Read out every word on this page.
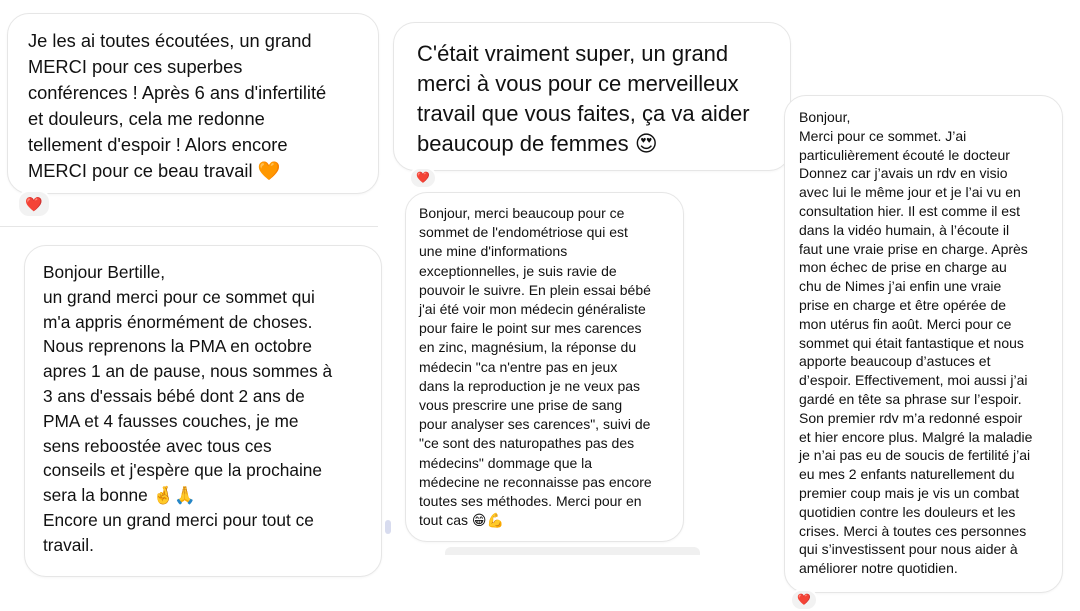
Je les ai toutes écoutées, un grand

MERCI pour ces superbes

conférences ! Après 6 ans d'infertilité

et douleurs, cela me redonne

tellement d'espoir ! Alors encore

MERCI pour ce beau travail 🧡

❤️

C'était vraiment super, un grand

merci à vous pour ce merveilleux

travail que vous faites, ça va aider

beaucoup de femmes 😍

❤️

Bonjour,

Merci pour ce sommet. J’ai

particulièrement écouté le docteur

Donnez car j’avais un rdv en visio

avec lui le même jour et je l’ai vu en

consultation hier. Il est comme il est

dans la vidéo humain, à l’écoute il

faut une vraie prise en charge. Après

mon échec de prise en charge au

chu de Nimes j’ai enfin une vraie

prise en charge et être opérée de

mon utérus fin août. Merci pour ce

sommet qui était fantastique et nous

apporte beaucoup d’astuces et

d’espoir. Effectivement, moi aussi j’ai

gardé en tête sa phrase sur l’espoir.

Son premier rdv m’a redonné espoir

et hier encore plus. Malgré la maladie

je n’ai pas eu de soucis de fertilité j’ai

eu mes 2 enfants naturellement du

premier coup mais je vis un combat

quotidien contre les douleurs et les

crises. Merci à toutes ces personnes

qui s’investissent pour nous aider à

améliorer notre quotidien.

❤️

Bonjour Bertille,

un grand merci pour ce sommet qui

m'a appris énormément de choses.

Nous reprenons la PMA en octobre

apres 1 an de pause, nous sommes à

3 ans d'essais bébé dont 2 ans de

PMA et 4 fausses couches, je me

sens reboostée avec tous ces

conseils et j'espère que la prochaine

sera la bonne 🤞🙏

Encore un grand merci pour tout ce

travail.

Bonjour, merci beaucoup pour ce

sommet de l'endométriose qui est

une mine d'informations

exceptionnelles, je suis ravie de

pouvoir le suivre. En plein essai bébé

j'ai été voir mon médecin généraliste

pour faire le point sur mes carences

en zinc, magnésium, la réponse du

médecin "ca n'entre pas en jeux

dans la reproduction je ne veux pas

vous prescrire une prise de sang

pour analyser ses carences", suivi de

"ce sont des naturopathes pas des

médecins" dommage que la

médecine ne reconnaisse pas encore

toutes ses méthodes. Merci pour en

tout cas 😁💪
